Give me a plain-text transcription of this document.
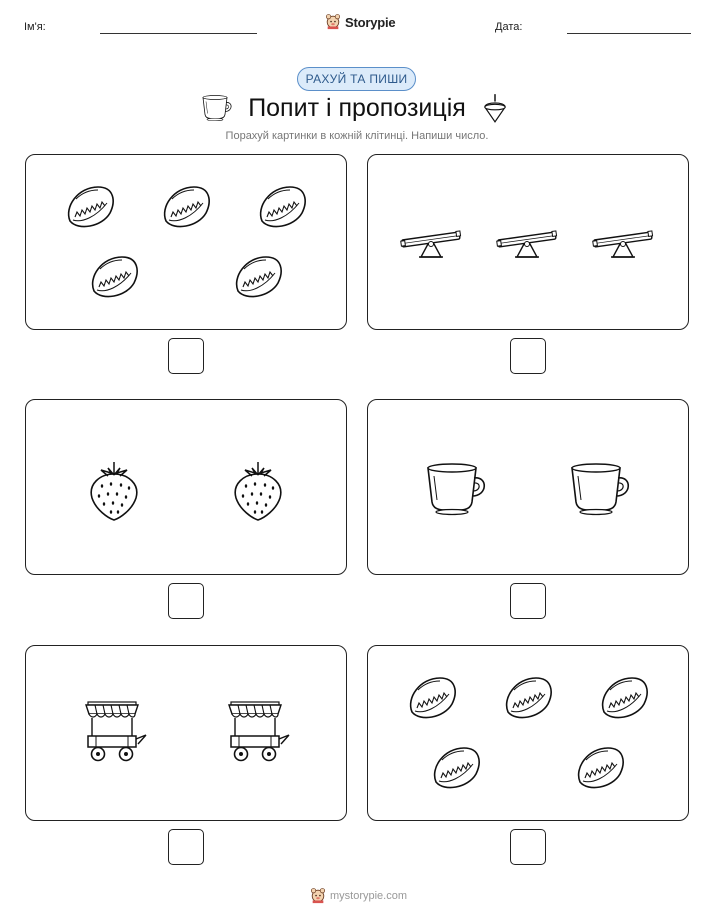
Ім'я:	Storypie	Дата:
РАХУЙ ТА ПИШИ
Попит і пропозиція
Порахуй картинки в кожній клітинці. Напиши число.
mystorypie.com
